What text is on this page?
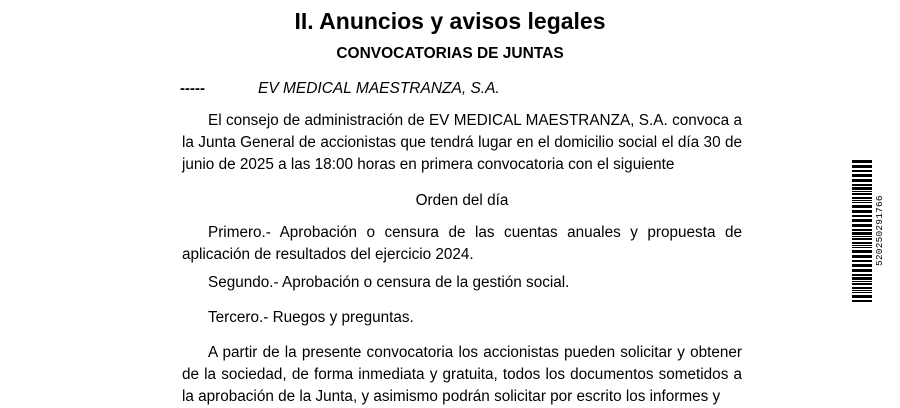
II. Anuncios y avisos legales
CONVOCATORIAS DE JUNTAS
-----	EV MEDICAL MAESTRANZA, S.A.

El consejo de administración de EV MEDICAL MAESTRANZA, S.A. convoca a la Junta General de accionistas que tendrá lugar en el domicilio social el día 30 de junio de 2025 a las 18:00 horas en primera convocatoria con el siguiente

Orden del día

Primero.- Aprobación o censura de las cuentas anuales y propuesta de aplicación de resultados del ejercicio 2024.

Segundo.- Aprobación o censura de la gestión social.

Tercero.- Ruegos y preguntas.

A partir de la presente convocatoria los accionistas pueden solicitar y obtener de la sociedad, de forma inmediata y gratuita, todos los documentos sometidos a la aprobación de la Junta, y asimismo podrán solicitar por escrito los informes y

520250291766
